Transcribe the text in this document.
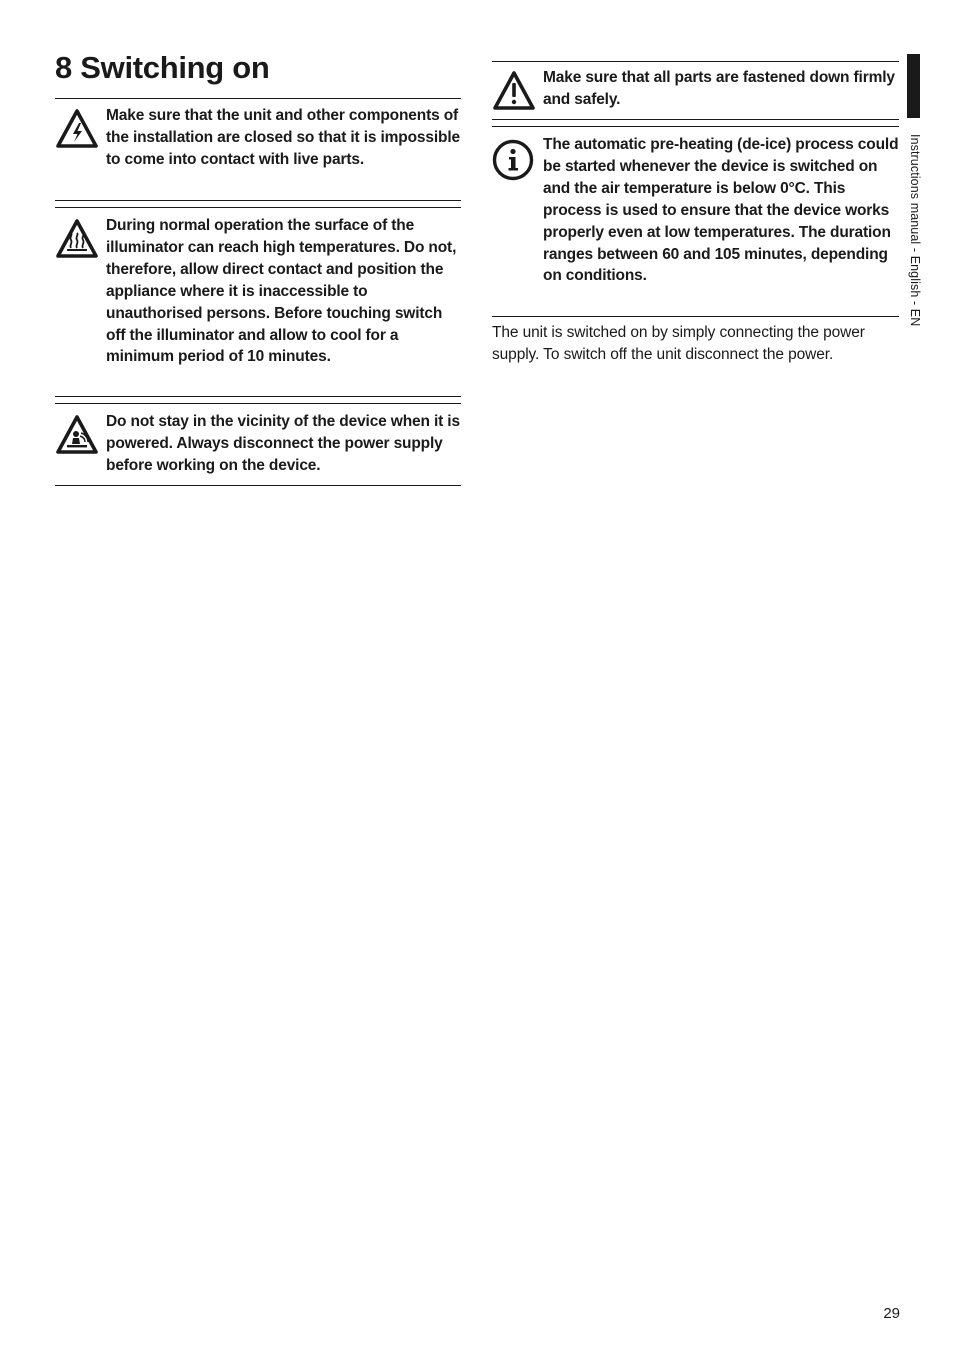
8 Switching on

Make sure that the unit and other components of the installation are closed so that it is impossible to come into contact with live parts.

During normal operation the surface of the illuminator can reach high temperatures. Do not, therefore, allow direct contact and position the appliance where it is inaccessible to unauthorised persons. Before touching switch off the illuminator and allow to cool for a minimum period of 10 minutes.

Do not stay in the vicinity of the device when it is powered. Always disconnect the power supply before working on the device.

Make sure that all parts are fastened down firmly and safely.

The automatic pre-heating (de-ice) process could be started whenever the device is switched on and the air temperature is below 0°C. This process is used to ensure that the device works properly even at low temperatures. The duration ranges between 60 and 105 minutes, depending on conditions.

The unit is switched on by simply connecting the power supply. To switch off the unit disconnect the power.

Instructions manual - English - EN
29
